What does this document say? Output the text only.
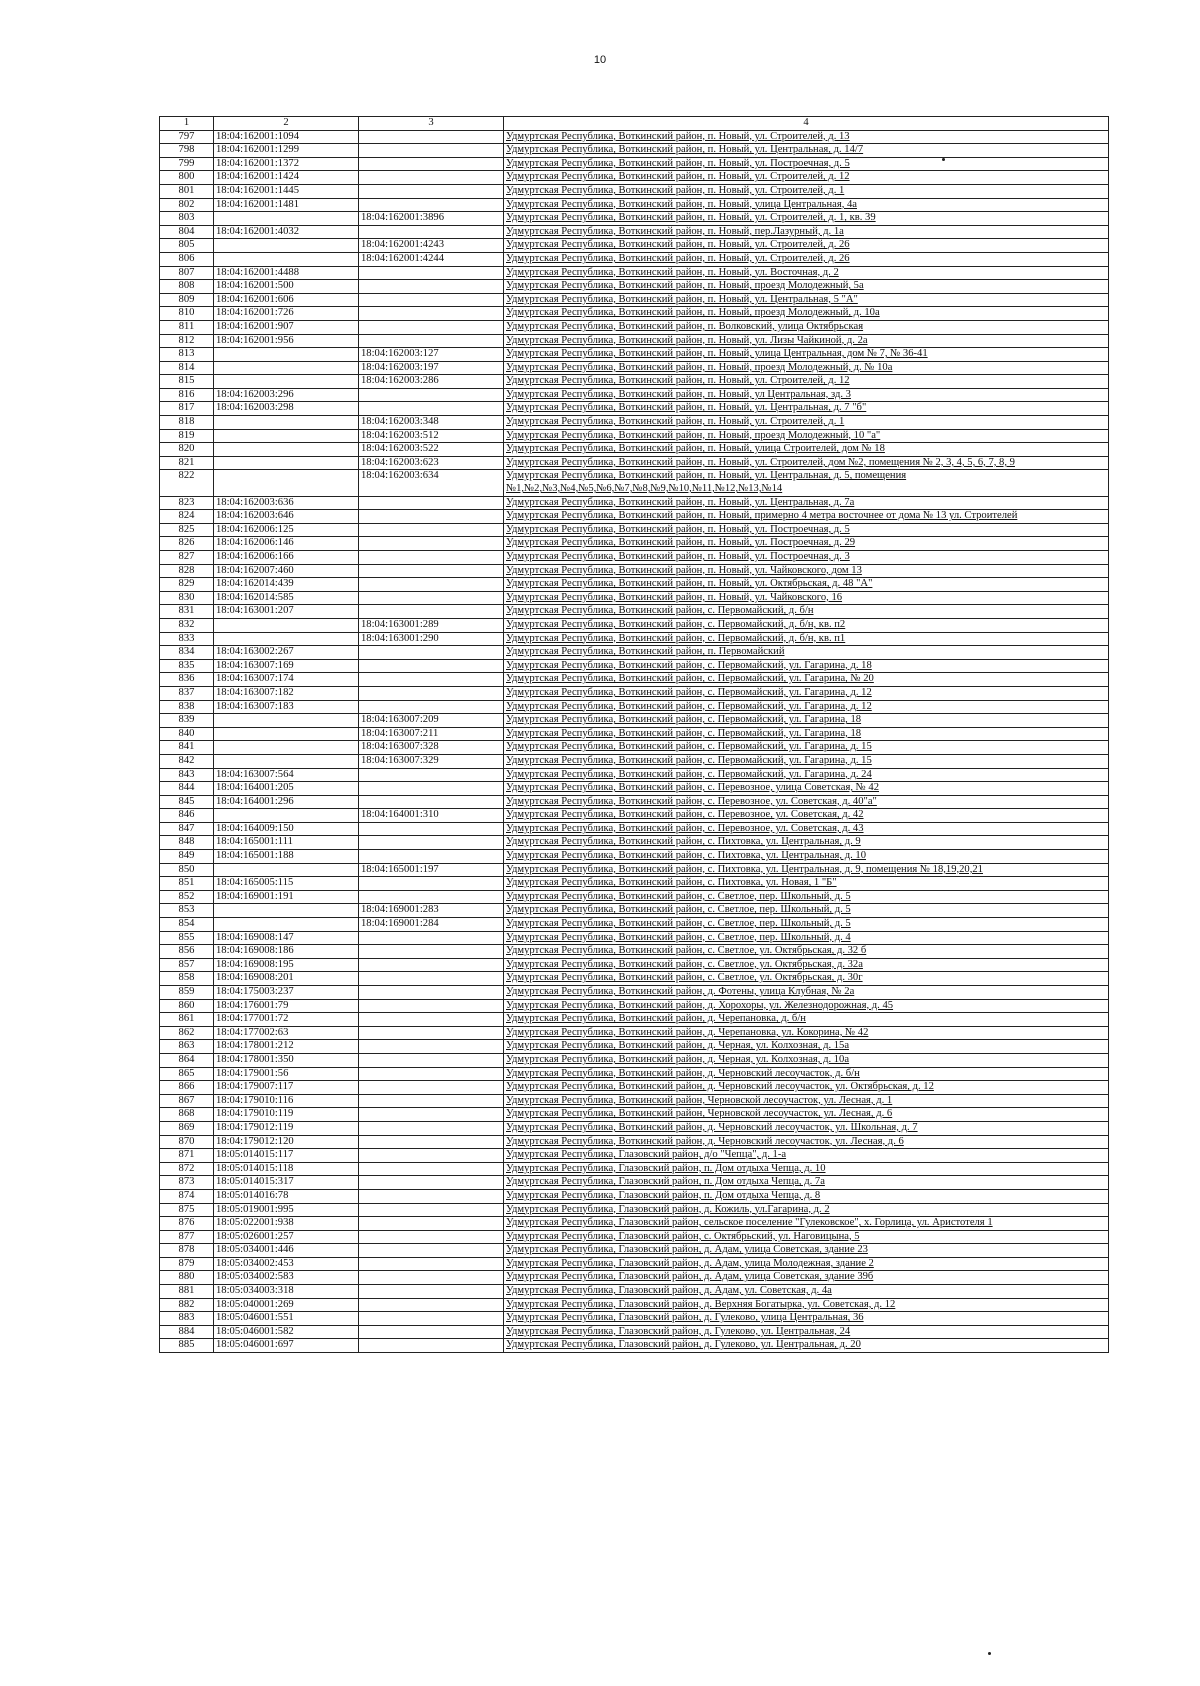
10
1	2	3	4
797	18:04:162001:1094		Удмуртская Республика, Воткинский район, п. Новый, ул. Строителей, д. 13
798	18:04:162001:1299		Удмуртская Республика, Воткинский район, п. Новый, ул. Центральная, д. 14/7
799	18:04:162001:1372		Удмуртская Республика, Воткинский район, п. Новый, ул. Построечная, д. 5
800	18:04:162001:1424		Удмуртская Республика, Воткинский район, п. Новый, ул. Строителей, д. 12
801	18:04:162001:1445		Удмуртская Республика, Воткинский район, п. Новый, ул. Строителей, д. 1
802	18:04:162001:1481		Удмуртская Республика, Воткинский район, п. Новый, улица Центральная, 4а
803		18:04:162001:3896	Удмуртская Республика, Воткинский район, п. Новый, ул. Строителей, д. 1, кв. 39
804	18:04:162001:4032		Удмуртская Республика, Воткинский район, п. Новый, пер.Лазурный, д. 1а
805		18:04:162001:4243	Удмуртская Республика, Воткинский район, п. Новый, ул. Строителей, д. 26
806		18:04:162001:4244	Удмуртская Республика, Воткинский район, п. Новый, ул. Строителей, д. 26
807	18:04:162001:4488		Удмуртская Республика, Воткинский район, п. Новый, ул. Восточная, д. 2
808	18:04:162001:500		Удмуртская Республика, Воткинский район, п. Новый, проезд Молодежный, 5а
809	18:04:162001:606		Удмуртская Республика, Воткинский район, п. Новый, ул. Центральная, 5 "А"
810	18:04:162001:726		Удмуртская Республика, Воткинский район, п. Новый, проезд Молодежный, д. 10а
811	18:04:162001:907		Удмуртская Республика, Воткинский район, п. Волковский, улица Октябрьская
812	18:04:162001:956		Удмуртская Республика, Воткинский район, п. Новый, ул. Лизы Чайкиной, д. 2а
813		18:04:162003:127	Удмуртская Республика, Воткинский район, п. Новый, улица Центральная, дом № 7, № 36-41
814		18:04:162003:197	Удмуртская Республика, Воткинский район, п. Новый, проезд Молодежный, д. № 10а
815		18:04:162003:286	Удмуртская Республика, Воткинский район, п. Новый, ул. Строителей, д. 12
816	18:04:162003:296		Удмуртская Республика, Воткинский район, п. Новый, ул Центральная, зд. 3
817	18:04:162003:298		Удмуртская Республика, Воткинский район, п. Новый, ул. Центральная, д. 7 "б"
818		18:04:162003:348	Удмуртская Республика, Воткинский район, п. Новый, ул. Строителей, д. 1
819		18:04:162003:512	Удмуртская Республика, Воткинский район, п. Новый, проезд Молодежный, 10 "а"
820		18:04:162003:522	Удмуртская Республика, Воткинский район, п. Новый, улица Строителей, дом № 18
821		18:04:162003:623	Удмуртская Республика, Воткинский район, п. Новый, ул. Строителей, дом №2, помещения № 2, 3, 4, 5, 6, 7, 8, 9
822		18:04:162003:634	Удмуртская Республика, Воткинский район, п. Новый, ул. Центральная, д. 5, помещения №1,№2,№3,№4,№5,№6,№7,№8,№9,№10,№11,№12,№13,№14
823	18:04:162003:636		Удмуртская Республика, Воткинский район, п. Новый, ул. Центральная, д. 7а
824	18:04:162003:646		Удмуртская Республика, Воткинский район, п. Новый, примерно 4 метра восточнее от дома № 13 ул. Строителей
825	18:04:162006:125		Удмуртская Республика, Воткинский район, п. Новый, ул. Построечная, д. 5
826	18:04:162006:146		Удмуртская Республика, Воткинский район, п. Новый, ул. Построечная, д. 29
827	18:04:162006:166		Удмуртская Республика, Воткинский район, п. Новый, ул. Построечная, д. 3
828	18:04:162007:460		Удмуртская Республика, Воткинский район, п. Новый, ул. Чайковского, дом 13
829	18:04:162014:439		Удмуртская Республика, Воткинский район, п. Новый, ул. Октябрьская, д. 48 "А"
830	18:04:162014:585		Удмуртская Республика, Воткинский район, п. Новый, ул. Чайковского, 16
831	18:04:163001:207		Удмуртская Республика, Воткинский район, с. Первомайский, д. б/н
832		18:04:163001:289	Удмуртская Республика, Воткинский район, с. Первомайский, д. б/н, кв. п2
833		18:04:163001:290	Удмуртская Республика, Воткинский район, с. Первомайский, д. б/н, кв. п1
834	18:04:163002:267		Удмуртская Республика, Воткинский район, п. Первомайский
835	18:04:163007:169		Удмуртская Республика, Воткинский район, с. Первомайский, ул. Гагарина, д. 18
836	18:04:163007:174		Удмуртская Республика, Воткинский район, с. Первомайский, ул. Гагарина, № 20
837	18:04:163007:182		Удмуртская Республика, Воткинский район, с. Первомайский, ул. Гагарина, д. 12
838	18:04:163007:183		Удмуртская Республика, Воткинский район, с. Первомайский, ул. Гагарина, д. 12
839		18:04:163007:209	Удмуртская Республика, Воткинский район, с. Первомайский, ул. Гагарина, 18
840		18:04:163007:211	Удмуртская Республика, Воткинский район, с. Первомайский, ул. Гагарина, 18
841		18:04:163007:328	Удмуртская Республика, Воткинский район, с. Первомайский, ул. Гагарина, д. 15
842		18:04:163007:329	Удмуртская Республика, Воткинский район, с. Первомайский, ул. Гагарина, д. 15
843	18:04:163007:564		Удмуртская Республика, Воткинский район, с. Первомайский, ул. Гагарина, д. 24
844	18:04:164001:205		Удмуртская Республика, Воткинский район, с. Перевозное, улица Советская, № 42
845	18:04:164001:296		Удмуртская Республика, Воткинский район, с. Перевозное, ул. Советская, д. 40"а"
846		18:04:164001:310	Удмуртская Республика, Воткинский район, с. Перевозное, ул. Советская, д. 42
847	18:04:164009:150		Удмуртская Республика, Воткинский район, с. Перевозное, ул. Советская, д. 43
848	18:04:165001:111		Удмуртская Республика, Воткинский район, с. Пихтовка, ул. Центральная, д. 9
849	18:04:165001:188		Удмуртская Республика, Воткинский район, с. Пихтовка, ул. Центральная, д. 10
850		18:04:165001:197	Удмуртская Республика, Воткинский район, с. Пихтовка, ул. Центральная, д. 9, помещения № 18,19,20,21
851	18:04:165005:115		Удмуртская Республика, Воткинский район, с. Пихтовка, ул. Новая, 1 "Б"
852	18:04:169001:191		Удмуртская Республика, Воткинский район, с. Светлое, пер. Школьный, д. 5
853		18:04:169001:283	Удмуртская Республика, Воткинский район, с. Светлое, пер. Школьный, д. 5
854		18:04:169001:284	Удмуртская Республика, Воткинский район, с. Светлое, пер. Школьный, д. 5
855	18:04:169008:147		Удмуртская Республика, Воткинский район, с. Светлое, пер. Школьный, д. 4
856	18:04:169008:186		Удмуртская Республика, Воткинский район, с. Светлое, ул. Октябрьская, д. 32 б
857	18:04:169008:195		Удмуртская Республика, Воткинский район, с. Светлое, ул. Октябрьская, д. 32а
858	18:04:169008:201		Удмуртская Республика, Воткинский район, с. Светлое, ул. Октябрьская, д. 30г
859	18:04:175003:237		Удмуртская Республика, Воткинский район, д. Фотены, улица Клубная, № 2а
860	18:04:176001:79		Удмуртская Республика, Воткинский район, д. Хорохоры, ул. Железнодорожная, д. 45
861	18:04:177001:72		Удмуртская Республика, Воткинский район, д. Черепановка, д. б/н
862	18:04:177002:63		Удмуртская Республика, Воткинский район, д. Черепановка, ул. Кокорина, № 42
863	18:04:178001:212		Удмуртская Республика, Воткинский район, д. Черная, ул. Колхозная, д. 15а
864	18:04:178001:350		Удмуртская Республика, Воткинский район, д. Черная, ул. Колхозная, д. 10а
865	18:04:179001:56		Удмуртская Республика, Воткинский район, д. Черновский лесоучасток, д. б/н
866	18:04:179007:117		Удмуртская Республика, Воткинский район, д. Черновский лесоучасток, ул. Октябрьская, д. 12
867	18:04:179010:116		Удмуртская Республика, Воткинский район, Черновской лесоучасток, ул. Лесная, д. 1
868	18:04:179010:119		Удмуртская Республика, Воткинский район, Черновской лесоучасток, ул. Лесная, д. 6
869	18:04:179012:119		Удмуртская Республика, Воткинский район, д. Черновский лесоучасток, ул. Школьная, д. 7
870	18:04:179012:120		Удмуртская Республика, Воткинский район, д. Черновский лесоучасток, ул. Лесная, д. 6
871	18:05:014015:117		Удмуртская Республика, Глазовский район, д/о "Чепца", д. 1-а
872	18:05:014015:118		Удмуртская Республика, Глазовский район, п. Дом отдыха Чепца, д. 10
873	18:05:014015:317		Удмуртская Республика, Глазовский район, п. Дом отдыха Чепца, д. 7а
874	18:05:014016:78		Удмуртская Республика, Глазовский район, п. Дом отдыха Чепца, д. 8
875	18:05:019001:995		Удмуртская Республика, Глазовский район, д. Кожиль, ул.Гагарина, д. 2
876	18:05:022001:938		Удмуртская Республика, Глазовский район, сельское поселение "Гулековское", х. Горлица, ул. Аристотеля 1
877	18:05:026001:257		Удмуртская Республика, Глазовский район, с. Октябрьский, ул. Наговицына, 5
878	18:05:034001:446		Удмуртская Республика, Глазовский район, д. Адам, улица Советская, здание 23
879	18:05:034002:453		Удмуртская Республика, Глазовский район, д. Адам, улица Молодежная, здание 2
880	18:05:034002:583		Удмуртская Республика, Глазовский район, д. Адам, улица Советская, здание 39б
881	18:05:034003:318		Удмуртская Республика, Глазовский район, д. Адам, ул. Советская, д. 4а
882	18:05:040001:269		Удмуртская Республика, Глазовский район, д. Верхняя Богатырка, ул. Советская, д. 12
883	18:05:046001:551		Удмуртская Республика, Глазовский район, д. Гулеково, улица Центральная, 36
884	18:05:046001:582		Удмуртская Республика, Глазовский район, д. Гулеково, ул. Центральная, 24
885	18:05:046001:697		Удмуртская Республика, Глазовский район, д. Гулеково, ул. Центральная, д. 20
